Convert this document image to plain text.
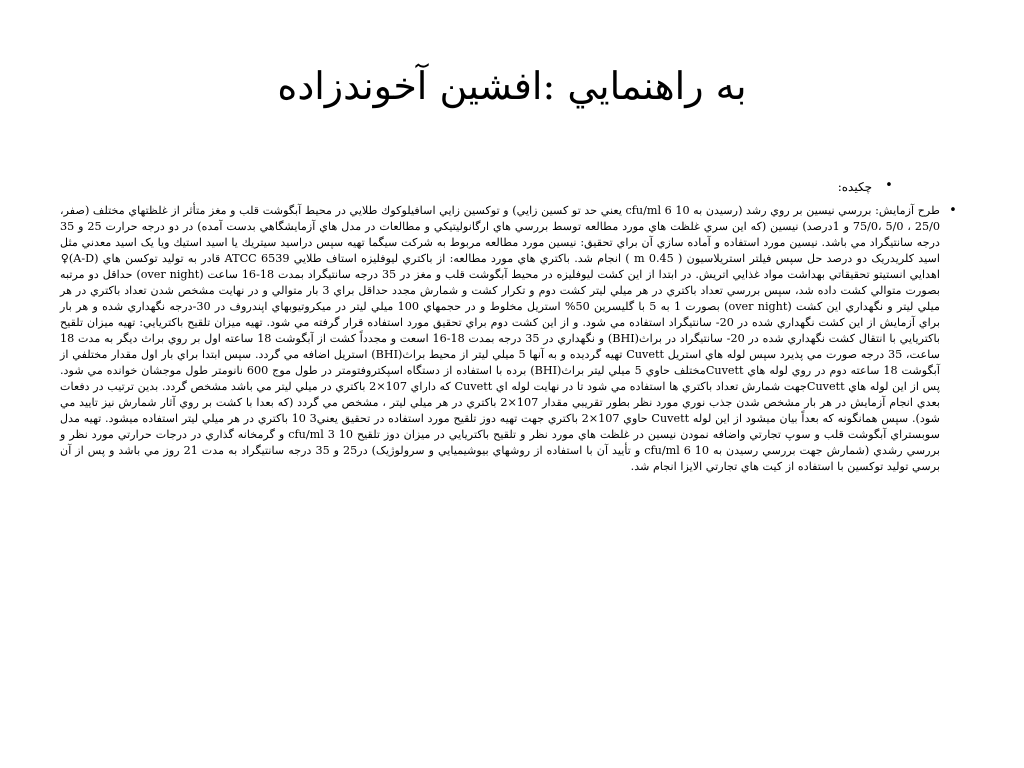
به راهنمايي :افشين آخوندزاده
•
چكيده:
•

طرح آزمايش: بررسي نيسين بر روي رشد (رسيدن به cfu/ml 6 10 يعني حد تو كسين زايي) و توكسين زايي اسافيلوكوك طلايي در محيط آبگوشت قلب و مغز متأثر از غلظتهاي مختلف (صفر، 25/0 ، 5/0 ،75/0 و 1درصد) نيسين (كه اين سري غلظت هاي مورد مطالعه توسط بررسي هاي ارگانوليتيكي و مطالعات در مدل هاي آزمايشگاهي بدست آمده) در دو درجه حرارت 25 و 35 درجه سانتيگراد مي باشد. نيسين مورد استفاده و آماده سازي آن براي تحقيق: نيسين مورد مطالعه مربوط به شركت سيگما تهيه سپس دراسيد سيتريك يا اسيد استيك ويا يک اسيد معدني مثل اسيد كلريدريک دو درصد حل سپس فيلتر استريلاسيون ( m 0.45 ) انجام شد. باكتري هاي مورد مطالعه: از باكتري ليوفليزه استاف طلايي ATCC 6539 قادر به توليد توكسن هاي (A-D)♀ اهدايي انستيتو تحقيقاتي بهداشت مواد غذايي اتريش. در ابتدا از اين كشت ليوفليزه در محيط آبگوشت قلب و مغز در 35 درجه سانتيگراد بمدت 18-16 ساعت (over night) حداقل دو مرتبه بصورت متوالي كشت داده شد، سپس بررسي تعداد باكتري در هر ميلي ليتر كشت دوم و تكرار كشت و شمارش مجدد حداقل براي 3 بار متوالي و در نهايت مشخص شدن تعداد باكتري در هر ميلي ليتر و نگهداري اين كشت (over night) بصورت 1 به 5 با گليسرين 50% استريل مخلوط و در حجمهاي 100 ميلي ليتر در ميكروتيوبهاي اپندروف در 30-درجه نگهداري شده و هر بار براي آزمايش از اين كشت نگهداري شده در 20- سانتيگراد استفاده مي شود. و از اين كشت دوم براي تحقيق مورد استفاده قرار گرفته مي شود. تهيه ميزان تلقيح باكتريايي: تهيه ميزان تلقيح باكتريايي با انتقال كشت نگهداري شده در 20- سانتيگراد در براث(BHI) و نگهداري در 35 درجه بمدت 18-16 اسعت و مجدداً كشت از آبگوشت 18 ساعته اول بر روي براث ديگر به مدت 18 ساعت، 35 درجه صورت مي پذيرد سپس لوله هاي استريل Cuvett تهيه گرديده و به آنها 5 ميلي ليتر از محيط براث(BHI) استريل اضافه مي گردد. سپس ابتدا براي بار اول مقدار مختلفي از آبگوشت 18 ساعته دوم در روي لوله هاي Cuvettمختلف حاوي 5 ميلي ليتر براث(BHI) برده با استفاده از دستگاه اسپكتروفتومتر در طول موج 600 نانومتر طول موجشان خوانده مي شود. پس از اين لوله هاي Cuvettجهت شمارش تعداد باكتري ها استفاده مي شود تا در نهايت لوله اي Cuvett كه داراي 107×2 باكتري در ميلي ليتر مي باشد مشخص گردد. بدين ترتيب در دفعات بعدي انجام آزمايش در هر بار مشخص شدن جذب نوري مورد نظر بطور تقريبي مقدار 107×2 باكتري در هر ميلي ليتر ، مشخص مي گردد (كه بعدا با كشت بر روي آثار شمارش نيز تاييد مي شود). سپس همانگونه كه بعداً بيان ميشود از اين لوله Cuvett حاوي 107×2 باكتري جهت تهيه دوز تلقيح مورد استفاده در تحقيق يعني3 10 باكتري در هر ميلي ليتر استفاده ميشود. تهيه مدل سوبستراي آبگوشت قلب و سوپ تجارتي واضافه نمودن نيسين در غلظت هاي مورد نظر و تلقيح باكتريايي در ميزان دوز تلقيح cfu/ml 3 10 و گرمخانه گذاري در درجات حرارتي مورد نظر و بررسي رشدي (شمارش جهت بررسي رسيدن به cfu/ml 6 10 و تأييد آن با استفاده از روشهاي بيوشيميايي و سرولوژيک) در25 و 35 درجه سانتيگراد به مدت 21 روز مي باشد و پس از آن برسي توليد توكسين با استفاده از كيت هاي تجارتي الايزا انجام شد.
